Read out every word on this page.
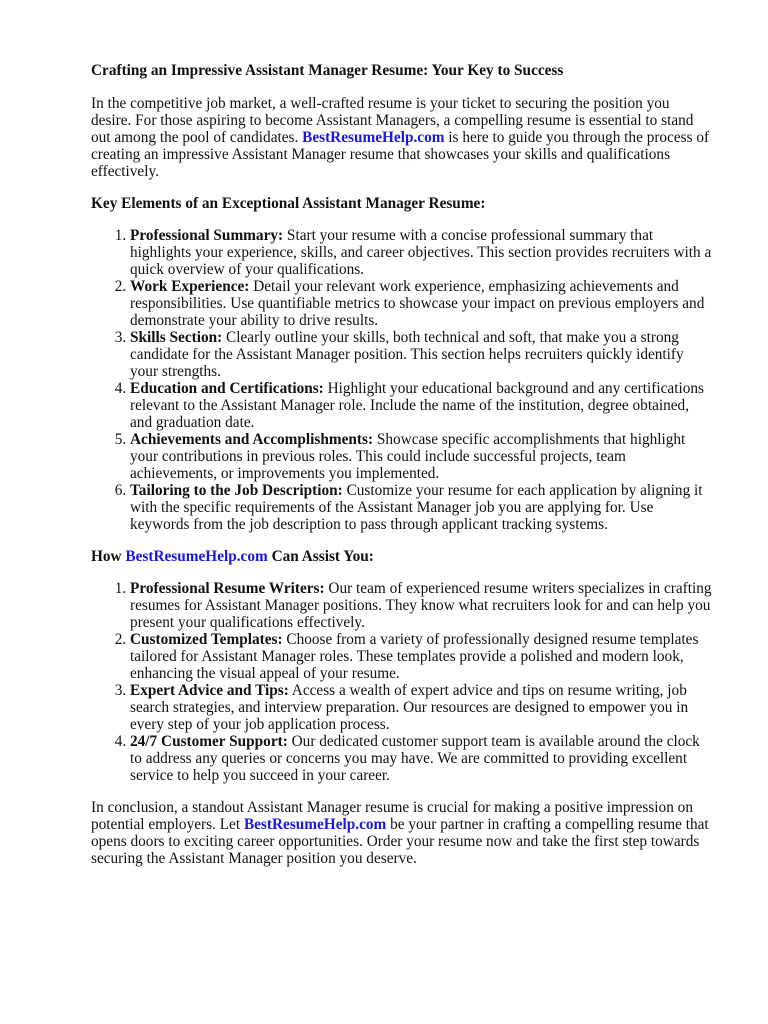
Crafting an Impressive Assistant Manager Resume: Your Key to Success

In the competitive job market, a well-crafted resume is your ticket to securing the position you desire. For those aspiring to become Assistant Managers, a compelling resume is essential to stand out among the pool of candidates. BestResumeHelp.com is here to guide you through the process of creating an impressive Assistant Manager resume that showcases your skills and qualifications effectively.

Key Elements of an Exceptional Assistant Manager Resume:
1. Professional Summary: Start your resume with a concise professional summary that highlights your experience, skills, and career objectives. This section provides recruiters with a quick overview of your qualifications.
2. Work Experience: Detail your relevant work experience, emphasizing achievements and responsibilities. Use quantifiable metrics to showcase your impact on previous employers and demonstrate your ability to drive results.
3. Skills Section: Clearly outline your skills, both technical and soft, that make you a strong candidate for the Assistant Manager position. This section helps recruiters quickly identify your strengths.
4. Education and Certifications: Highlight your educational background and any certifications relevant to the Assistant Manager role. Include the name of the institution, degree obtained, and graduation date.
5. Achievements and Accomplishments: Showcase specific accomplishments that highlight your contributions in previous roles. This could include successful projects, team achievements, or improvements you implemented.
6. Tailoring to the Job Description: Customize your resume for each application by aligning it with the specific requirements of the Assistant Manager job you are applying for. Use keywords from the job description to pass through applicant tracking systems.
How BestResumeHelp.com Can Assist You:
1. Professional Resume Writers: Our team of experienced resume writers specializes in crafting resumes for Assistant Manager positions. They know what recruiters look for and can help you present your qualifications effectively.
2. Customized Templates: Choose from a variety of professionally designed resume templates tailored for Assistant Manager roles. These templates provide a polished and modern look, enhancing the visual appeal of your resume.
3. Expert Advice and Tips: Access a wealth of expert advice and tips on resume writing, job search strategies, and interview preparation. Our resources are designed to empower you in every step of your job application process.
4. 24/7 Customer Support: Our dedicated customer support team is available around the clock to address any queries or concerns you may have. We are committed to providing excellent service to help you succeed in your career.

In conclusion, a standout Assistant Manager resume is crucial for making a positive impression on potential employers. Let BestResumeHelp.com be your partner in crafting a compelling resume that opens doors to exciting career opportunities. Order your resume now and take the first step towards securing the Assistant Manager position you deserve.
